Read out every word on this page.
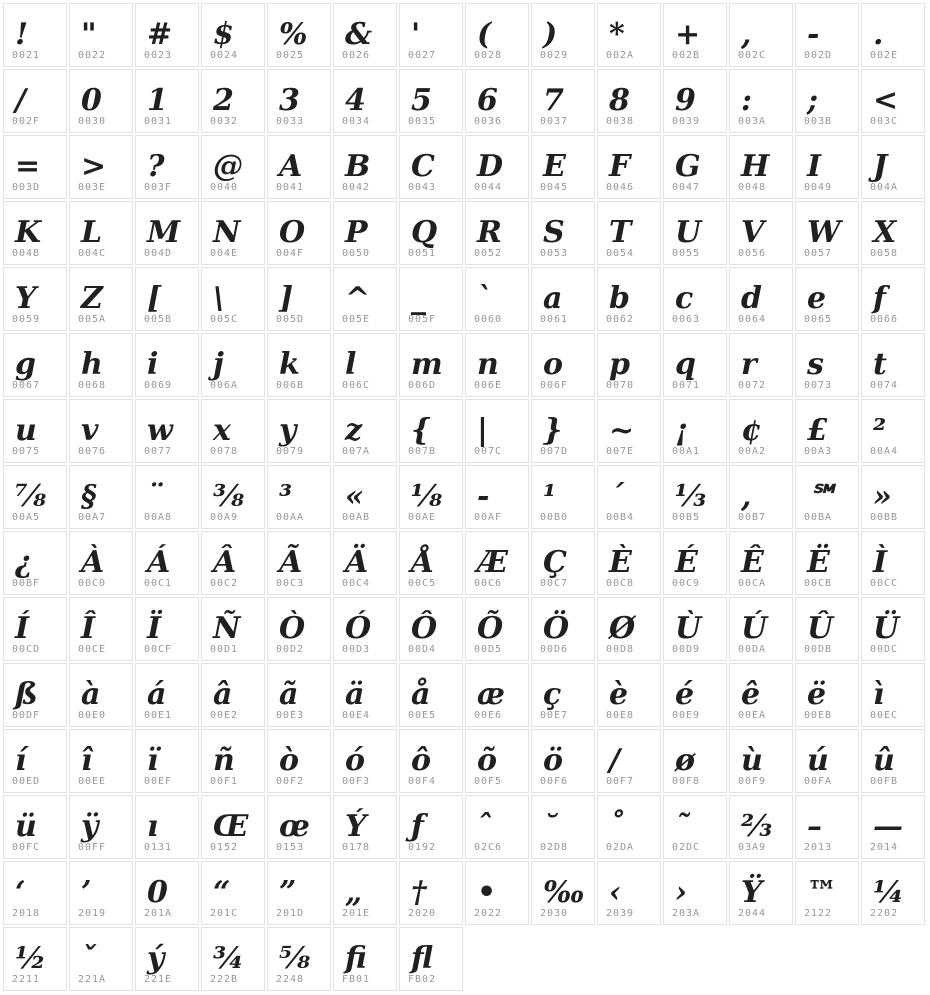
!
0021
"
0022
#
0023
$
0024
%
0025
&
0026
'
0027
(
0028
)
0029
*
002A
+
002B
,
002C
-
002D
.
002E
/
002F
0
0030
1
0031
2
0032
3
0033
4
0034
5
0035
6
0036
7
0037
8
0038
9
0039
:
003A
;
003B
<
003C
=
003D
>
003E
?
003F
@
0040
A
0041
B
0042
C
0043
D
0044
E
0045
F
0046
G
0047
H
0048
I
0049
J
004A
K
004B
L
004C
M
004D
N
004E
O
004F
P
0050
Q
0051
R
0052
S
0053
T
0054
U
0055
V
0056
W
0057
X
0058
Y
0059
Z
005A
[
005B
\
005C
]
005D
^
005E
_
005F
`
0060
a
0061
b
0062
c
0063
d
0064
e
0065
f
0066
g
0067
h
0068
i
0069
j
006A
k
006B
l
006C
m
006D
n
006E
o
006F
p
0070
q
0071
r
0072
s
0073
t
0074
u
0075
v
0076
w
0077
x
0078
y
0079
z
007A
{
007B
|
007C
}
007D
~
007E
¡
00A1
¢
00A2
£
00A3
²
00A4
⅞
00A5
§
00A7
¨
00A8
⅜
00A9
³
00AA
«
00AB
⅛
00AE
-
00AF
¹
00B0
´
00B4
⅓
00B5
,
00B7
℠
00BA
»
00BB
¿
00BF
À
00C0
Á
00C1
Â
00C2
Ã
00C3
Ä
00C4
Å
00C5
Æ
00C6
Ç
00C7
È
00C8
É
00C9
Ê
00CA
Ë
00CB
Ì
00CC
Í
00CD
Î
00CE
Ï
00CF
Ñ
00D1
Ò
00D2
Ó
00D3
Ô
00D4
Õ
00D5
Ö
00D6
Ø
00D8
Ù
00D9
Ú
00DA
Û
00DB
Ü
00DC
ß
00DF
à
00E0
á
00E1
â
00E2
ã
00E3
ä
00E4
å
00E5
æ
00E6
ç
00E7
è
00E8
é
00E9
ê
00EA
ë
00EB
ì
00EC
í
00ED
î
00EE
ï
00EF
ñ
00F1
ò
00F2
ó
00F3
ô
00F4
õ
00F5
ö
00F6
/
00F7
ø
00F8
ù
00F9
ú
00FA
û
00FB
ü
00FC
ÿ
00FF
ı
0131
Œ
0152
œ
0153
Ý
0178
ƒ
0192
ˆ
02C6
˘
02D8
˚
02DA
˜
02DC
⅔
03A9
–
2013
—
2014
‘
2018
’
2019
0
201A
“
201C
”
201D
„
201E
†
2020
•
2022
‰
2030
‹
2039
›
203A
Ÿ
2044
™
2122
¼
2202
½
2211
ˇ
221A
ý
221E
¾
222B
⅝
2248
ﬁ
FB01
ﬂ
FB02
